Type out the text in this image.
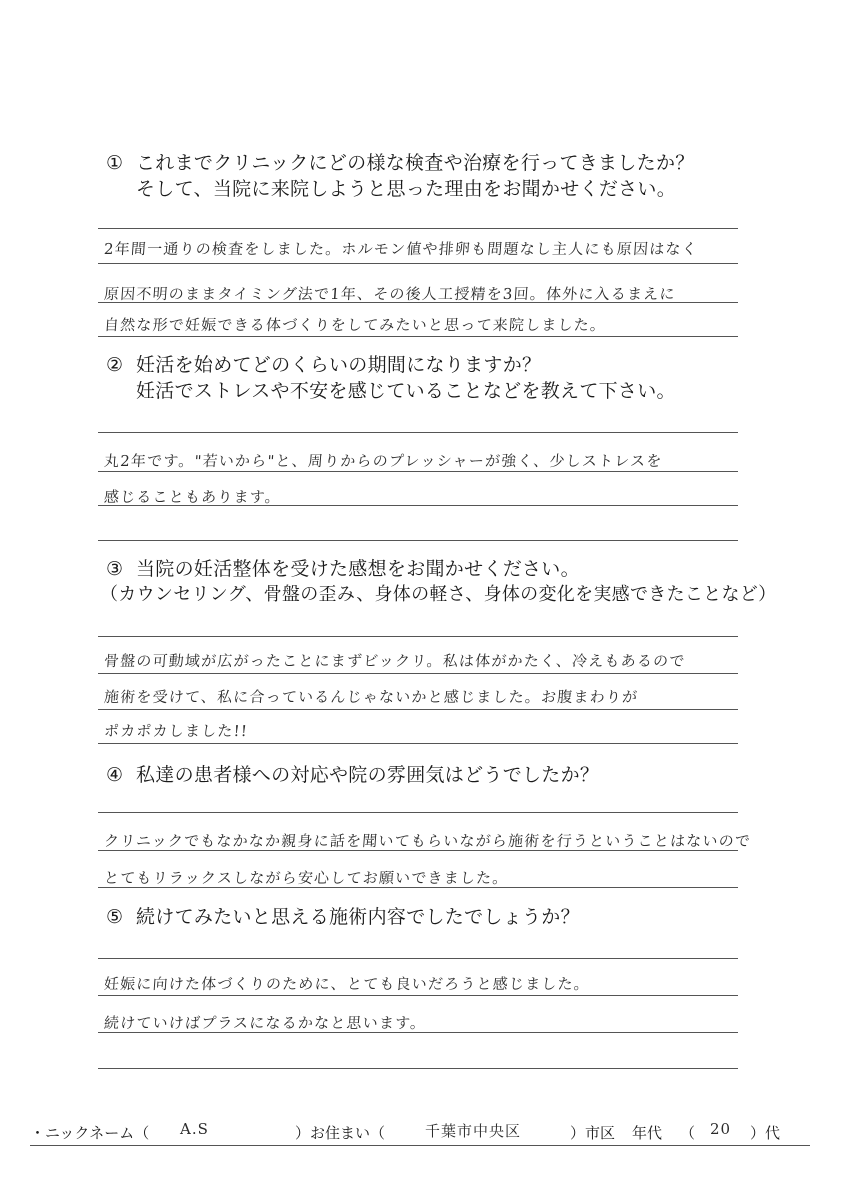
① これまでクリニックにどの様な検査や治療を行ってきましたか？
そして、当院に来院しようと思った理由をお聞かせください。
2年間一通りの検査をしました。ホルモン値や排卵も問題なし主人にも原因はなく
原因不明のままタイミング法で1年、その後人工授精を3回。体外に入るまえに
自然な形で妊娠できる体づくりをしてみたいと思って来院しました。
② 妊活を始めてどのくらいの期間になりますか？
妊活でストレスや不安を感じていることなどを教えて下さい。
丸2年です。"若いから"と、周りからのプレッシャーが強く、少しストレスを
感じることもあります。
③ 当院の妊活整体を受けた感想をお聞かせください。
（カウンセリング、骨盤の歪み、身体の軽さ、身体の変化を実感できたことなど）
骨盤の可動域が広がったことにまずビックリ。私は体がかたく、冷えもあるので
施術を受けて、私に合っているんじゃないかと感じました。お腹まわりが
ポカポカしました!!
④ 私達の患者様への対応や院の雰囲気はどうでしたか？
クリニックでもなかなか親身に話を聞いてもらいながら施術を行うということはないので
とてもリラックスしながら安心してお願いできました。
⑤ 続けてみたいと思える施術内容でしたでしょうか？
妊娠に向けた体づくりのために、とても良いだろうと感じました。
続けていけばプラスになるかなと思います。
・ニックネーム（ A.S	）お住まい（	千葉市中央区	）市区 年代 （ 20 ）代
